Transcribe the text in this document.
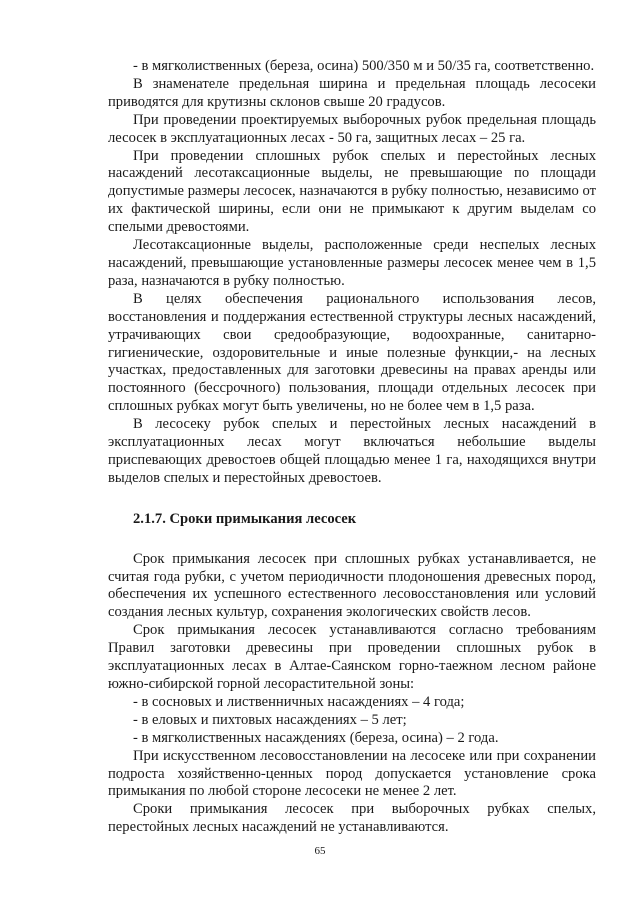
- в мягколиственных (береза, осина) 500/350 м и 50/35 га, соответственно.

В знаменателе предельная ширина и предельная площадь лесосеки приводятся для крутизны склонов свыше 20 градусов.

При проведении проектируемых выборочных рубок предельная площадь лесосек в эксплуатационных лесах - 50 га, защитных лесах – 25 га.

При проведении сплошных рубок спелых и перестойных лесных насаждений лесотаксационные выделы, не превышающие по площади допустимые размеры лесосек, назначаются в рубку полностью, независимо от их фактической ширины, если они не примыкают к другим выделам со спелыми древостоями.

Лесотаксационные выделы, расположенные среди неспелых лесных насаждений, превышающие установленные размеры лесосек менее чем в 1,5 раза, назначаются в рубку полностью.

В целях обеспечения рационального использования лесов, восстановления и поддержания естественной структуры лесных насаждений, утрачивающих свои средообразующие, водоохранные, санитарно-гигиенические, оздоровительные и иные полезные функции,- на лесных участках, предоставленных для заготовки древесины на правах аренды или постоянного (бессрочного) пользования, площади отдельных лесосек при сплошных рубках могут быть увеличены, но не более чем в 1,5 раза.

В лесосеку рубок спелых и перестойных лесных насаждений в эксплуатационных лесах могут включаться небольшие выделы приспевающих древостоев общей площадью менее 1 га, находящихся внутри выделов спелых и перестойных древостоев.

2.1.7. Сроки примыкания лесосек

Срок примыкания лесосек при сплошных рубках устанавливается, не считая года рубки, с учетом периодичности плодоношения древесных пород, обеспечения их успешного естественного лесовосстановления или условий создания лесных культур, сохранения экологических свойств лесов.

Срок примыкания лесосек устанавливаются согласно требованиям Правил заготовки древесины при проведении сплошных рубок в эксплуатационных лесах в Алтае-Саянском горно-таежном лесном районе южно-сибирской горной лесорастительной зоны:

- в сосновых и лиственничных насаждениях – 4 года;
- в еловых и пихтовых насаждениях – 5 лет;
- в мягколиственных насаждениях (береза, осина) – 2 года.

При искусственном лесовосстановлении на лесосеке или при сохранении подроста хозяйственно-ценных пород допускается установление срока примыкания по любой стороне лесосеки не менее 2 лет.

Сроки примыкания лесосек при выборочных рубках спелых, перестойных лесных насаждений не устанавливаются.

65
